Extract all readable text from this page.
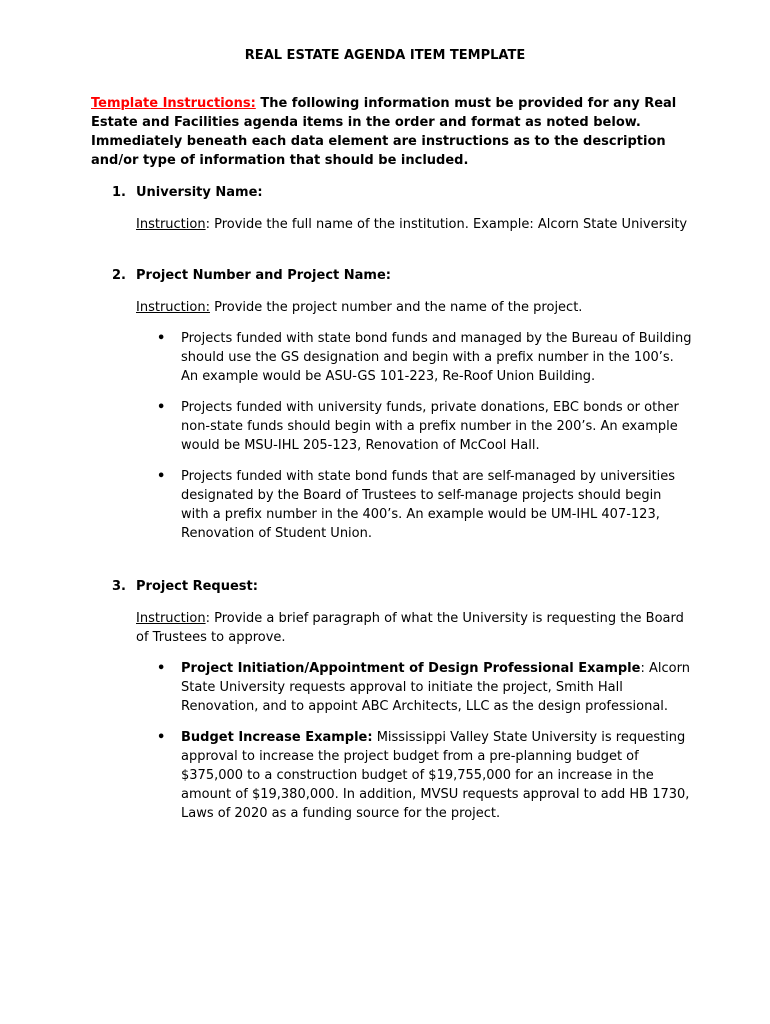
REAL ESTATE AGENDA ITEM TEMPLATE
Template Instructions: The following information must be provided for any Real Estate and Facilities agenda items in the order and format as noted below. Immediately beneath each data element are instructions as to the description and/or type of information that should be included.
1. University Name:
Instruction: Provide the full name of the institution. Example: Alcorn State University
2. Project Number and Project Name:
Instruction: Provide the project number and the name of the project.
• Projects funded with state bond funds and managed by the Bureau of Building should use the GS designation and begin with a prefix number in the 100’s. An example would be ASU-GS 101-223, Re-Roof Union Building.
• Projects funded with university funds, private donations, EBC bonds or other non-state funds should begin with a prefix number in the 200’s. An example would be MSU-IHL 205-123, Renovation of McCool Hall.
• Projects funded with state bond funds that are self-managed by universities designated by the Board of Trustees to self-manage projects should begin with a prefix number in the 400’s. An example would be UM-IHL 407-123, Renovation of Student Union.
3. Project Request:
Instruction: Provide a brief paragraph of what the University is requesting the Board of Trustees to approve.
• Project Initiation/Appointment of Design Professional Example: Alcorn State University requests approval to initiate the project, Smith Hall Renovation, and to appoint ABC Architects, LLC as the design professional.
• Budget Increase Example: Mississippi Valley State University is requesting approval to increase the project budget from a pre-planning budget of $375,000 to a construction budget of $19,755,000 for an increase in the amount of $19,380,000. In addition, MVSU requests approval to add HB 1730, Laws of 2020 as a funding source for the project.
